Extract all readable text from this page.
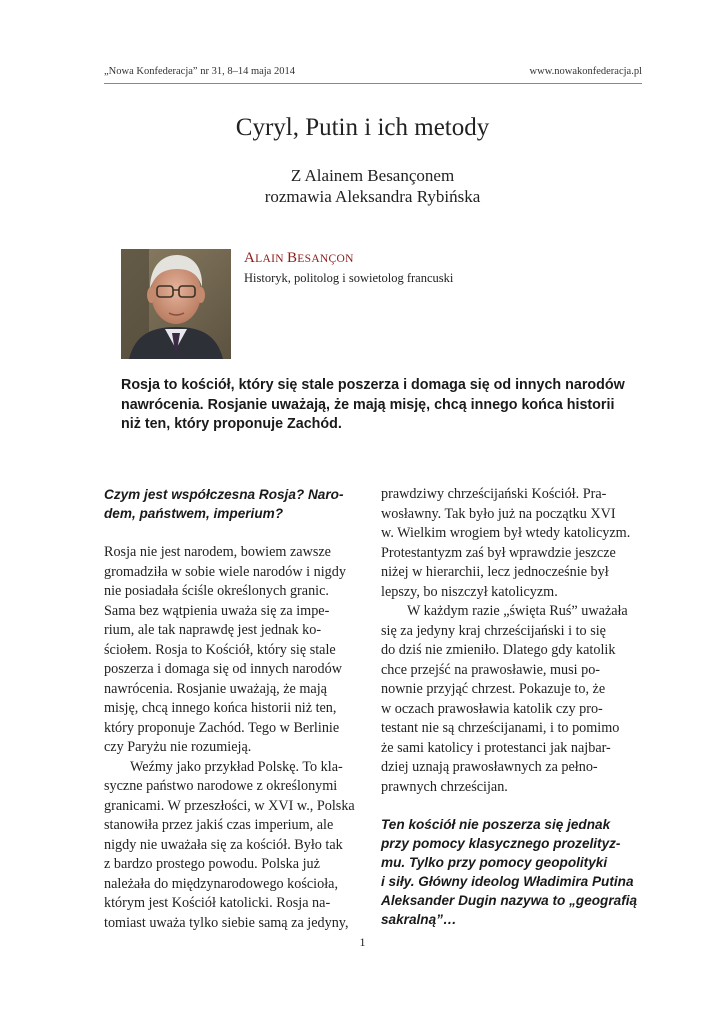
„Nowa Konfederacja” nr 31, 8–14 maja 2014	www.nowakonfederacja.pl
Cyryl, Putin i ich metody
Z Alainem Besançonem
rozmawia Aleksandra Rybińska
ALAIN BESANÇON
Historyk, politolog i sowietolog francuski
Rosja to kościół, który się stale poszerza i domaga się od innych narodów
nawrócenia. Rosjanie uważają, że mają misję, chcą innego końca historii
niż ten, który proponuje Zachód.
Czym jest współczesna Rosja? Naro-
dem, państwem, imperium?
Rosja nie jest narodem, bowiem zawsze
gromadziła w sobie wiele narodów i nigdy
nie posiadała ściśle określonych granic.
Sama bez wątpienia uważa się za impe-
rium, ale tak naprawdę jest jednak ko-
ściołem. Rosja to Kościół, który się stale
poszerza i domaga się od innych narodów
nawrócenia. Rosjanie uważają, że mają
misję, chcą innego końca historii niż ten,
który proponuje Zachód. Tego w Berlinie
czy Paryżu nie rozumieją.
Weźmy jako przykład Polskę. To kla-
syczne państwo narodowe z określonymi
granicami. W przeszłości, w XVI w., Polska
stanowiła przez jakiś czas imperium, ale
nigdy nie uważała się za kościół. Było tak
z bardzo prostego powodu. Polska już
należała do międzynarodowego kościoła,
którym jest Kościół katolicki. Rosja na-
tomiast uważa tylko siebie samą za jedyny,
prawdziwy chrześcijański Kościół. Pra-
wosławny. Tak było już na początku XVI
w. Wielkim wrogiem był wtedy katolicyzm.
Protestantyzm zaś był wprawdzie jeszcze
niżej w hierarchii, lecz jednocześnie był
lepszy, bo niszczył katolicyzm.
W każdym razie „święta Ruś” uważała
się za jedyny kraj chrześcijański i to się
do dziś nie zmieniło. Dlatego gdy katolik
chce przejść na prawosławie, musi po-
nownie przyjąć chrzest. Pokazuje to, że
w oczach prawosławia katolik czy pro-
testant nie są chrześcijanami, i to pomimo
że sami katolicy i protestanci jak najbar-
dziej uznają prawosławnych za pełno-
prawnych chrześcijan.
Ten kościół nie poszerza się jednak
przy pomocy klasycznego prozelityz-
mu. Tylko przy pomocy geopolityki
i siły. Główny ideolog Władimira Putina
Aleksander Dugin nazywa to „geografią
sakralną”…
1
